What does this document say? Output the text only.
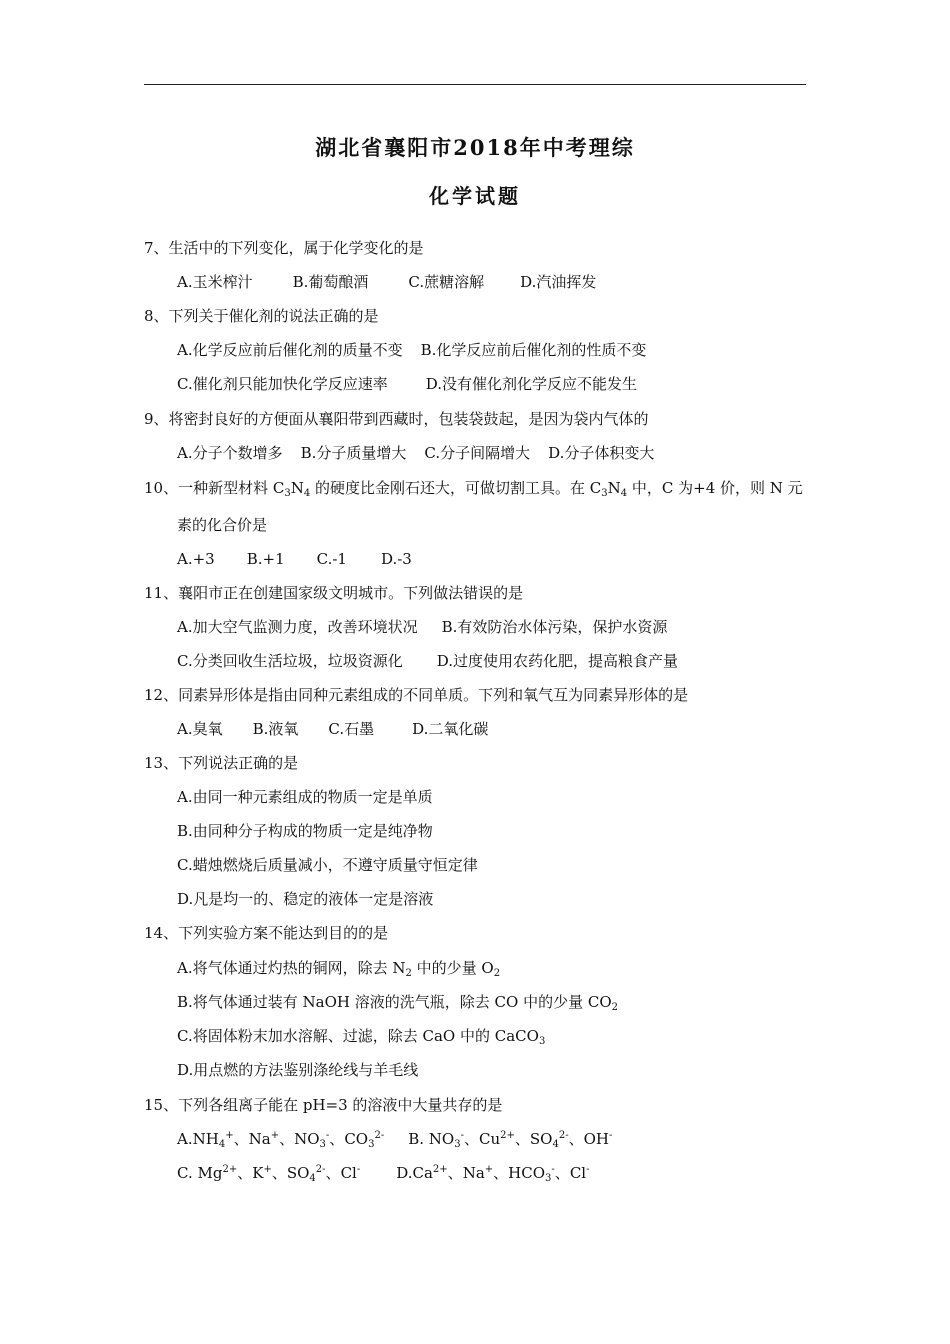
湖北省襄阳市2018年中考理综
化学试题
7、生活中的下列变化，属于化学变化的是
A.玉米榨汁	B.葡萄酿酒	C.蔗糖溶解 D.汽油挥发
8、下列关于催化剂的说法正确的是
A.化学反应前后催化剂的质量不变 B.化学反应前后催化剂的性质不变
C.催化剂只能加快化学反应速率	D.没有催化剂化学反应不能发生
9、将密封良好的方便面从襄阳带到西藏时，包装袋鼓起，是因为袋内气体的
A.分子个数增多 B.分子质量增大 C.分子间隔增大 D.分子体积变大
10、一种新型材料 $C_3N_4$ 的硬度比金刚石还大，可做切割工具。在 $C_3N_4$ 中，C 为+4 价，则 N 元
素的化合价是
A.+3 B.+1 C.-1 D.-3
11、襄阳市正在创建国家级文明城市。下列做法错误的是
A.加大空气监测力度，改善环境状况 B.有效防治水体污染，保护水资源
C.分类回收生活垃圾，垃圾资源化 D.过度使用农药化肥，提高粮食产量
12、同素异形体是指由同种元素组成的不同单质。下列和氧气互为同素异形体的是
A.臭氧 B.液氧 C.石墨	D.二氧化碳
13、下列说法正确的是
A.由同一种元素组成的物质一定是单质
B.由同种分子构成的物质一定是纯净物
C.蜡烛燃烧后质量减小，不遵守质量守恒定律
D.凡是均一的、稳定的液体一定是溶液
14、下列实验方案不能达到目的的是
A.将气体通过灼热的铜网，除去 $N_2$ 中的少量 $O_2$
B.将气体通过装有 NaOH 溶液的洗气瓶，除去 CO 中的少量 $CO_2$
C.将固体粉末加水溶解、过滤，除去 CaO 中的 CaCO$_3$
D.用点燃的方法鉴别涤纶线与羊毛线
15、下列各组离子能在 pH=3 的溶液中大量共存的是
$A.NH_4^+$、Na+、$NO_3^-$、$CO_3^{2-}$ B. $NO_3^-$、$Cu^{2+}$、$SO_4^{2-}$、OH-
C. $Mg^{2+}$、K+、$SO_4^{2-}$、Cl- $D.Ca^{2+}$、Na+、$HCO_3^-$、Cl-
